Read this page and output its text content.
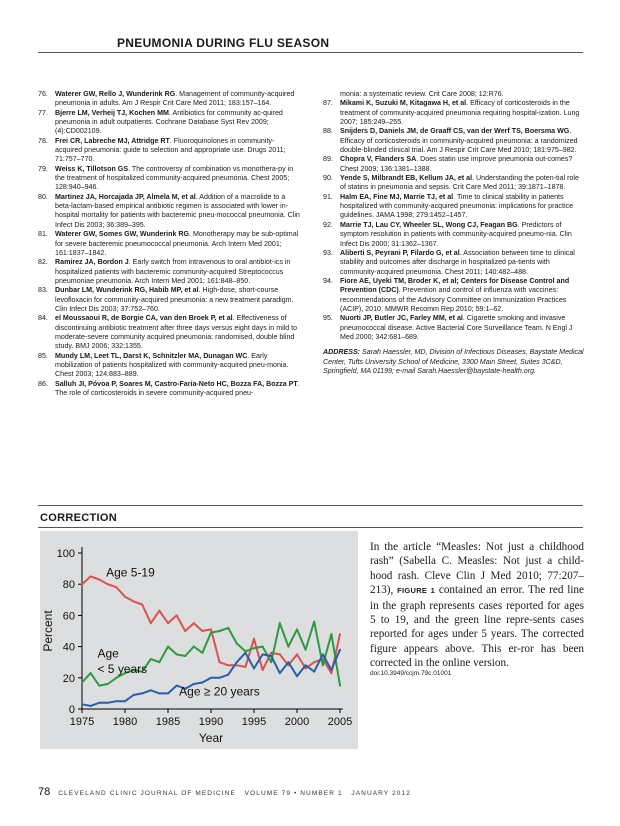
PNEUMONIA DURING FLU SEASON
76.	Waterer GW, Rello J, Wunderink RG. Management of community-acquired pneumonia in adults. Am J Respir Crit Care Med 2011; 183:157–164.
77.	Bjerre LM, Verheij TJ, Kochen MM. Antibiotics for community ac-quired pneumonia in adult outpatients. Cochrane Database Syst Rev 2009; (4):CD002109.
78.	Frei CR, Labreche MJ, Attridge RT. Fluoroquinolones in community-acquired pneumonia: guide to selection and appropriate use. Drugs 2011; 71:757–770.
79.	Weiss K, Tillotson GS. The controversy of combination vs monothera-py in the treatment of hospitalized community-acquired pneumonia. Chest 2005; 128:940–946.
80.	Martinez JA, Horcajada JP, Almela M, et al. Addition of a macrolide to a beta-lactam-based empirical antibiotic regimen is associated with lower in-hospital mortality for patients with bacteremic pneu-mococcal pneumonia. Clin Infect Dis 2003; 36:389–395.
81.	Waterer GW, Somes GW, Wunderink RG. Monotherapy may be sub-optimal for severe bacteremic pneumococcal pneumonia. Arch Intern Med 2001; 161:1837–1842.
82.	Ramirez JA, Bordon J. Early switch from intravenous to oral antibiot-ics in hospitalized patients with bacteremic community-acquired Streptococcus pneumoniae pneumonia. Arch Intern Med 2001; 161:848–850.
83.	Dunbar LM, Wunderink RG, Habib MP, et al. High-dose, short-course levofloxacin for community-acquired pneumonia: a new treatment paradigm. Clin Infect Dis 2003; 37:752–760.
84.	el Moussaoui R, de Borgie CA, van den Broek P, et al. Effectiveness of discontinuing antibiotic treatment after three days versus eight days in mild to moderate-severe community acquired pneumonia: randomised, double blind study. BMJ 2006; 332:1355.
85.	Mundy LM, Leet TL, Darst K, Schnitzler MA, Dunagan WC. Early mobilization of patients hospitalized with community-acquired pneu-monia. Chest 2003; 124:883–889.
86.	Salluh JI, Póvoa P, Soares M, Castro-Faria-Neto HC, Bozza FA, Bozza PT. The role of corticosteroids in severe community-acquired pneu-
monia: a systematic review. Crit Care 2008; 12:R76.
87.	Mikami K, Suzuki M, Kitagawa H, et al. Efficacy of corticosteroids in the treatment of community-acquired pneumonia requiring hospital-ization. Lung 2007; 185:249–255.
88.	Snijders D, Daniels JM, de Graaff CS, van der Werf TS, Boersma WG. Efficacy of corticosteroids in community-acquired pneumonia: a randomized double-blinded clinical trial. Am J Respir Crit Care Med 2010; 181:975–982.
89.	Chopra V, Flanders SA. Does statin use improve pneumonia out-comes? Chest 2009; 136:1381–1388.
90.	Yende S, Milbrandt EB, Kellum JA, et al. Understanding the poten-tial role of statins in pneumonia and sepsis. Crit Care Med 2011; 39:1871–1878.
91.	Halm EA, Fine MJ, Marrie TJ, et al. Time to clinical stability in patients hospitalized with community-acquired pneumonia: implications for practice guidelines. JAMA 1998; 279:1452–1457.
92.	Marrie TJ, Lau CY, Wheeler SL, Wong CJ, Feagan BG. Predictors of symptom resolution in patients with community-acquired pneumo-nia. Clin Infect Dis 2000; 31:1362–1367.
93.	Aliberti S, Peyrani P, Filardo G, et al. Association between time to clinical stability and outcomes after discharge in hospitalized pa-tients with community-acquired pneumonia. Chest 2011; 140:482–488.
94.	Fiore AE, Uyeki TM, Broder K, et al; Centers for Disease Control and Prevention (CDC). Prevention and control of influenza with vaccines: recommendations of the Advisory Committee on Immunization Practices (ACIP), 2010. MMWR Recomm Rep 2010; 59:1–62.
95.	Nuorti JP, Butler JC, Farley MM, et al. Cigarette smoking and invasive pneumococcal disease. Active Bacterial Core Surveillance Team. N Engl J Med 2000; 342:681–689.
ADDRESS: Sarah Haessler, MD, Division of Infectious Diseases, Baystate Medical Center, Tufts University School of Medicine, 3300 Main Street, Suites 3C&D, Springfield, MA 01199; e-mail Sarah.Haessler@baystate-health.org.
CORRECTION
0
20
40
60
80
100
1975 1980 1985 1990 1995 2000 2005
Percent
Year
Age 5-19
Age
< 5 years
Age ≥ 20 years
In the article “Measles: Not just a childhood rash” (Sabella C. Measles: Not just a child-hood rash. Cleve Clin J Med 2010; 77:207–213), FIGURE 1 contained an error. The red line in the graph represents cases reported for ages 5 to 19, and the green line repre-sents cases reported for ages under 5 years. The corrected figure appears above. This er-ror has been corrected in the online version.
doi:10.3949/ccjm.79c.01001
78 CLEVELAND CLINIC JOURNAL OF MEDICINE VOLUME 79 • NUMBER 1 JANUARY 2012
